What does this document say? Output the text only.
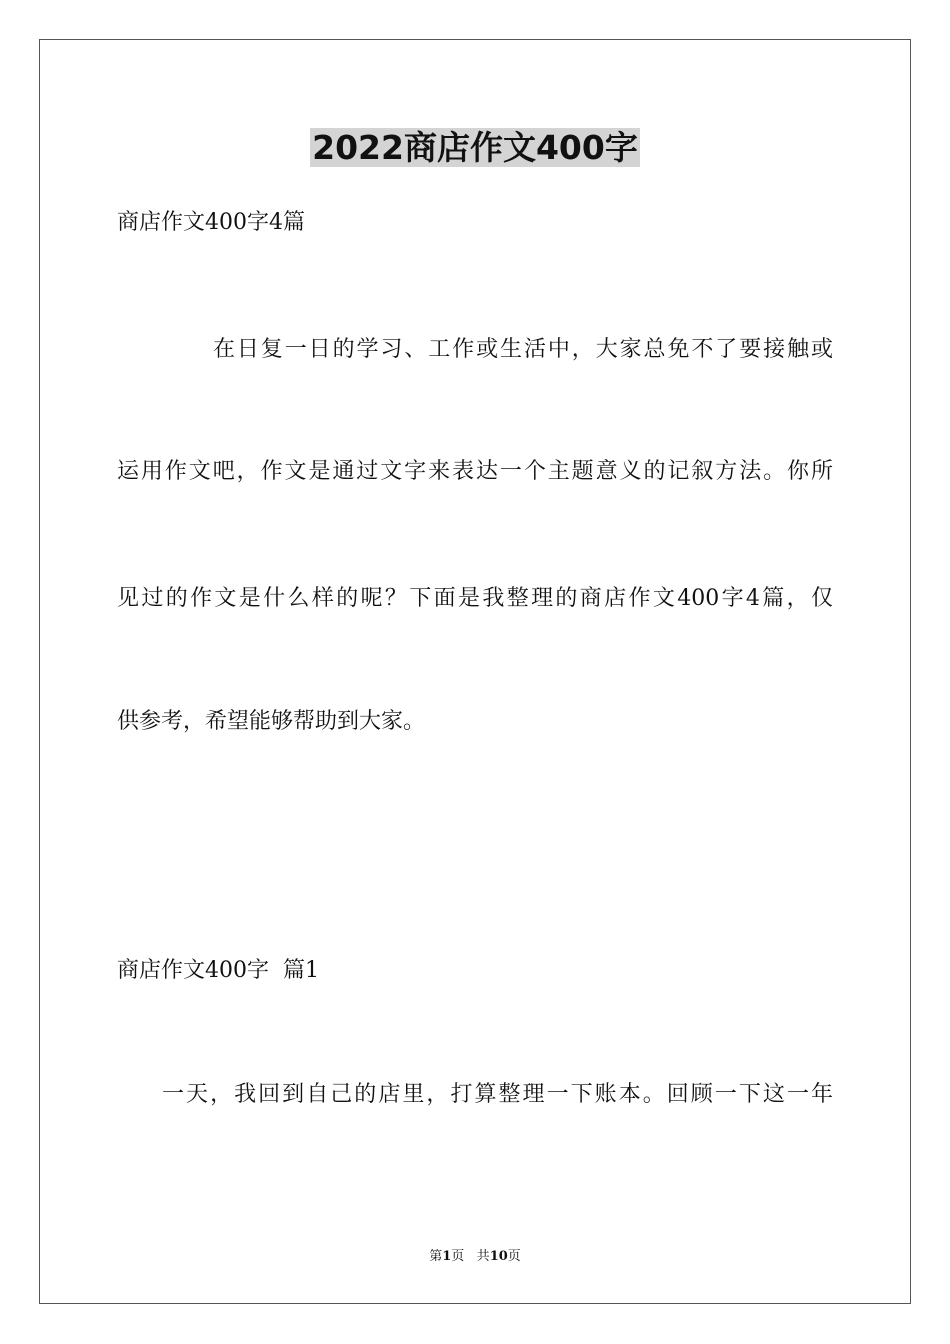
2022商店作文400字
商店作文400字4篇
在日复一日的学习、工作或生活中，大家总免不了要接触或
运用作文吧，作文是通过文字来表达一个主题意义的记叙方法。你所
见过的作文是什么样的呢？下面是我整理的商店作文400字4篇，仅
供参考，希望能够帮助到大家。
商店作文400字  篇1
一天，我回到自己的店里，打算整理一下账本。回顾一下这一年
第1页 共10页
